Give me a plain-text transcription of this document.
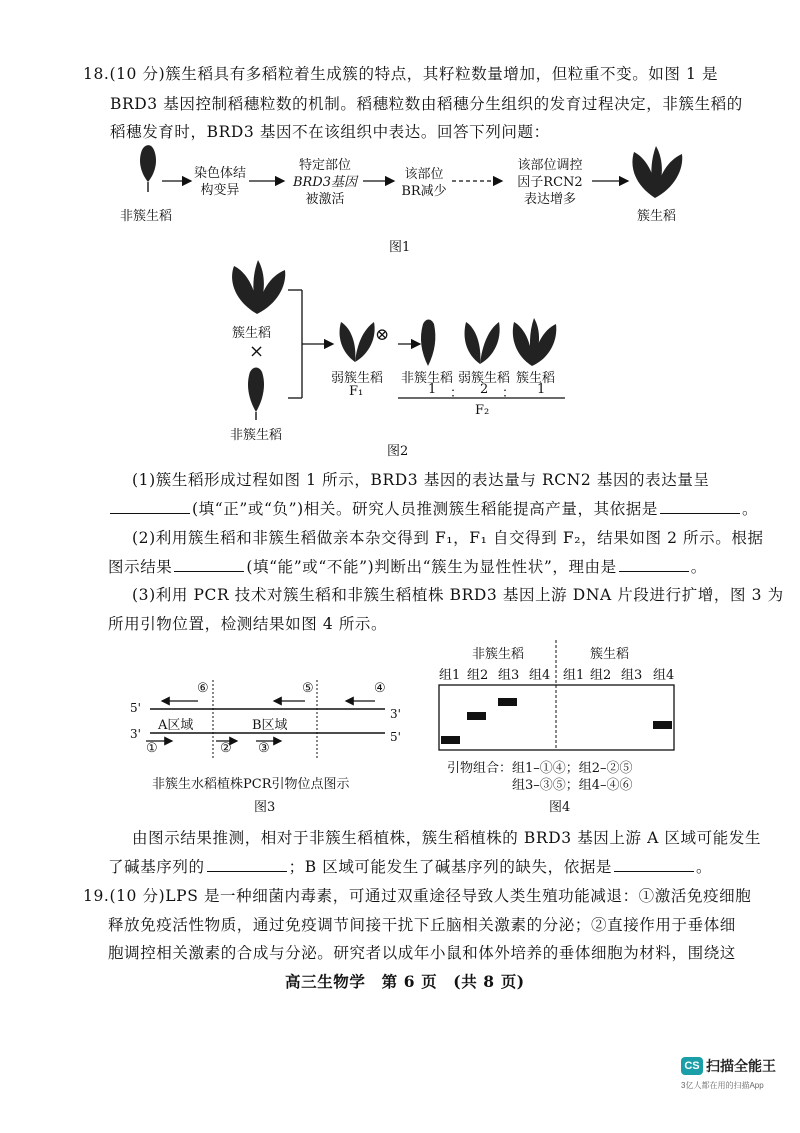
18.(10 分)簇生稻具有多稻粒着生成簇的特点，其籽粒数量增加，但粒重不变。如图 1 是
BRD3 基因控制稻穗粒数的机制。稻穗粒数由稻穗分生组织的发育过程决定，非簇生稻的
稻穗发育时，BRD3 基因不在该组织中表达。回答下列问题：
非簇生稻
染色体结
构变异
特定部位
BRD3基因
被激活
该部位
BR减少
该部位调控
因子RCN2
表达增多
簇生稻
图1
簇生稻
×
非簇生稻
⊗
弱簇生稻
F₁
非簇生稻 弱簇生稻 簇生稻
1 ： 2 ： 1
F₂
图2
(1)簇生稻形成过程如图 1 所示，BRD3 基因的表达量与 RCN2 基因的表达量呈
(填“正”或“负”)相关。研究人员推测簇生稻能提高产量，其依据是	。
(2)利用簇生稻和非簇生稻做亲本杂交得到 F₁，F₁ 自交得到 F₂，结果如图 2 所示。根据
图示结果	(填“能”或“不能”)判断出“簇生为显性性状”，理由是	。
(3)利用 PCR 技术对簇生稻和非簇生稻植株 BRD3 基因上游 DNA 片段进行扩增，图 3 为
所用引物位置，检测结果如图 4 所示。
⑥	⑤	④
5'	3'
3'	5'
A区域	B区域
①	② ③
非簇生水稻植株PCR引物位点图示
图3
非簇生稻	簇生稻
组1 组2 组3 组4 组1 组2 组3 组4
引物组合： 组1–①④；组2–②⑤
组3–③⑤；组4–④⑥
图4
由图示结果推测，相对于非簇生稻植株，簇生稻植株的 BRD3 基因上游 A 区域可能发生
了碱基序列的	；B 区域可能发生了碱基序列的缺失，依据是	。
19.(10 分)LPS 是一种细菌内毒素，可通过双重途径导致人类生殖功能减退：①激活免疫细胞
释放免疫活性物质，通过免疫调节间接干扰下丘脑相关激素的分泌；②直接作用于垂体细
胞调控相关激素的合成与分泌。研究者以成年小鼠和体外培养的垂体细胞为材料，围绕这
高三生物学　第 6 页　(共 8 页)
CS 扫描全能王
3亿人都在用的扫描App
